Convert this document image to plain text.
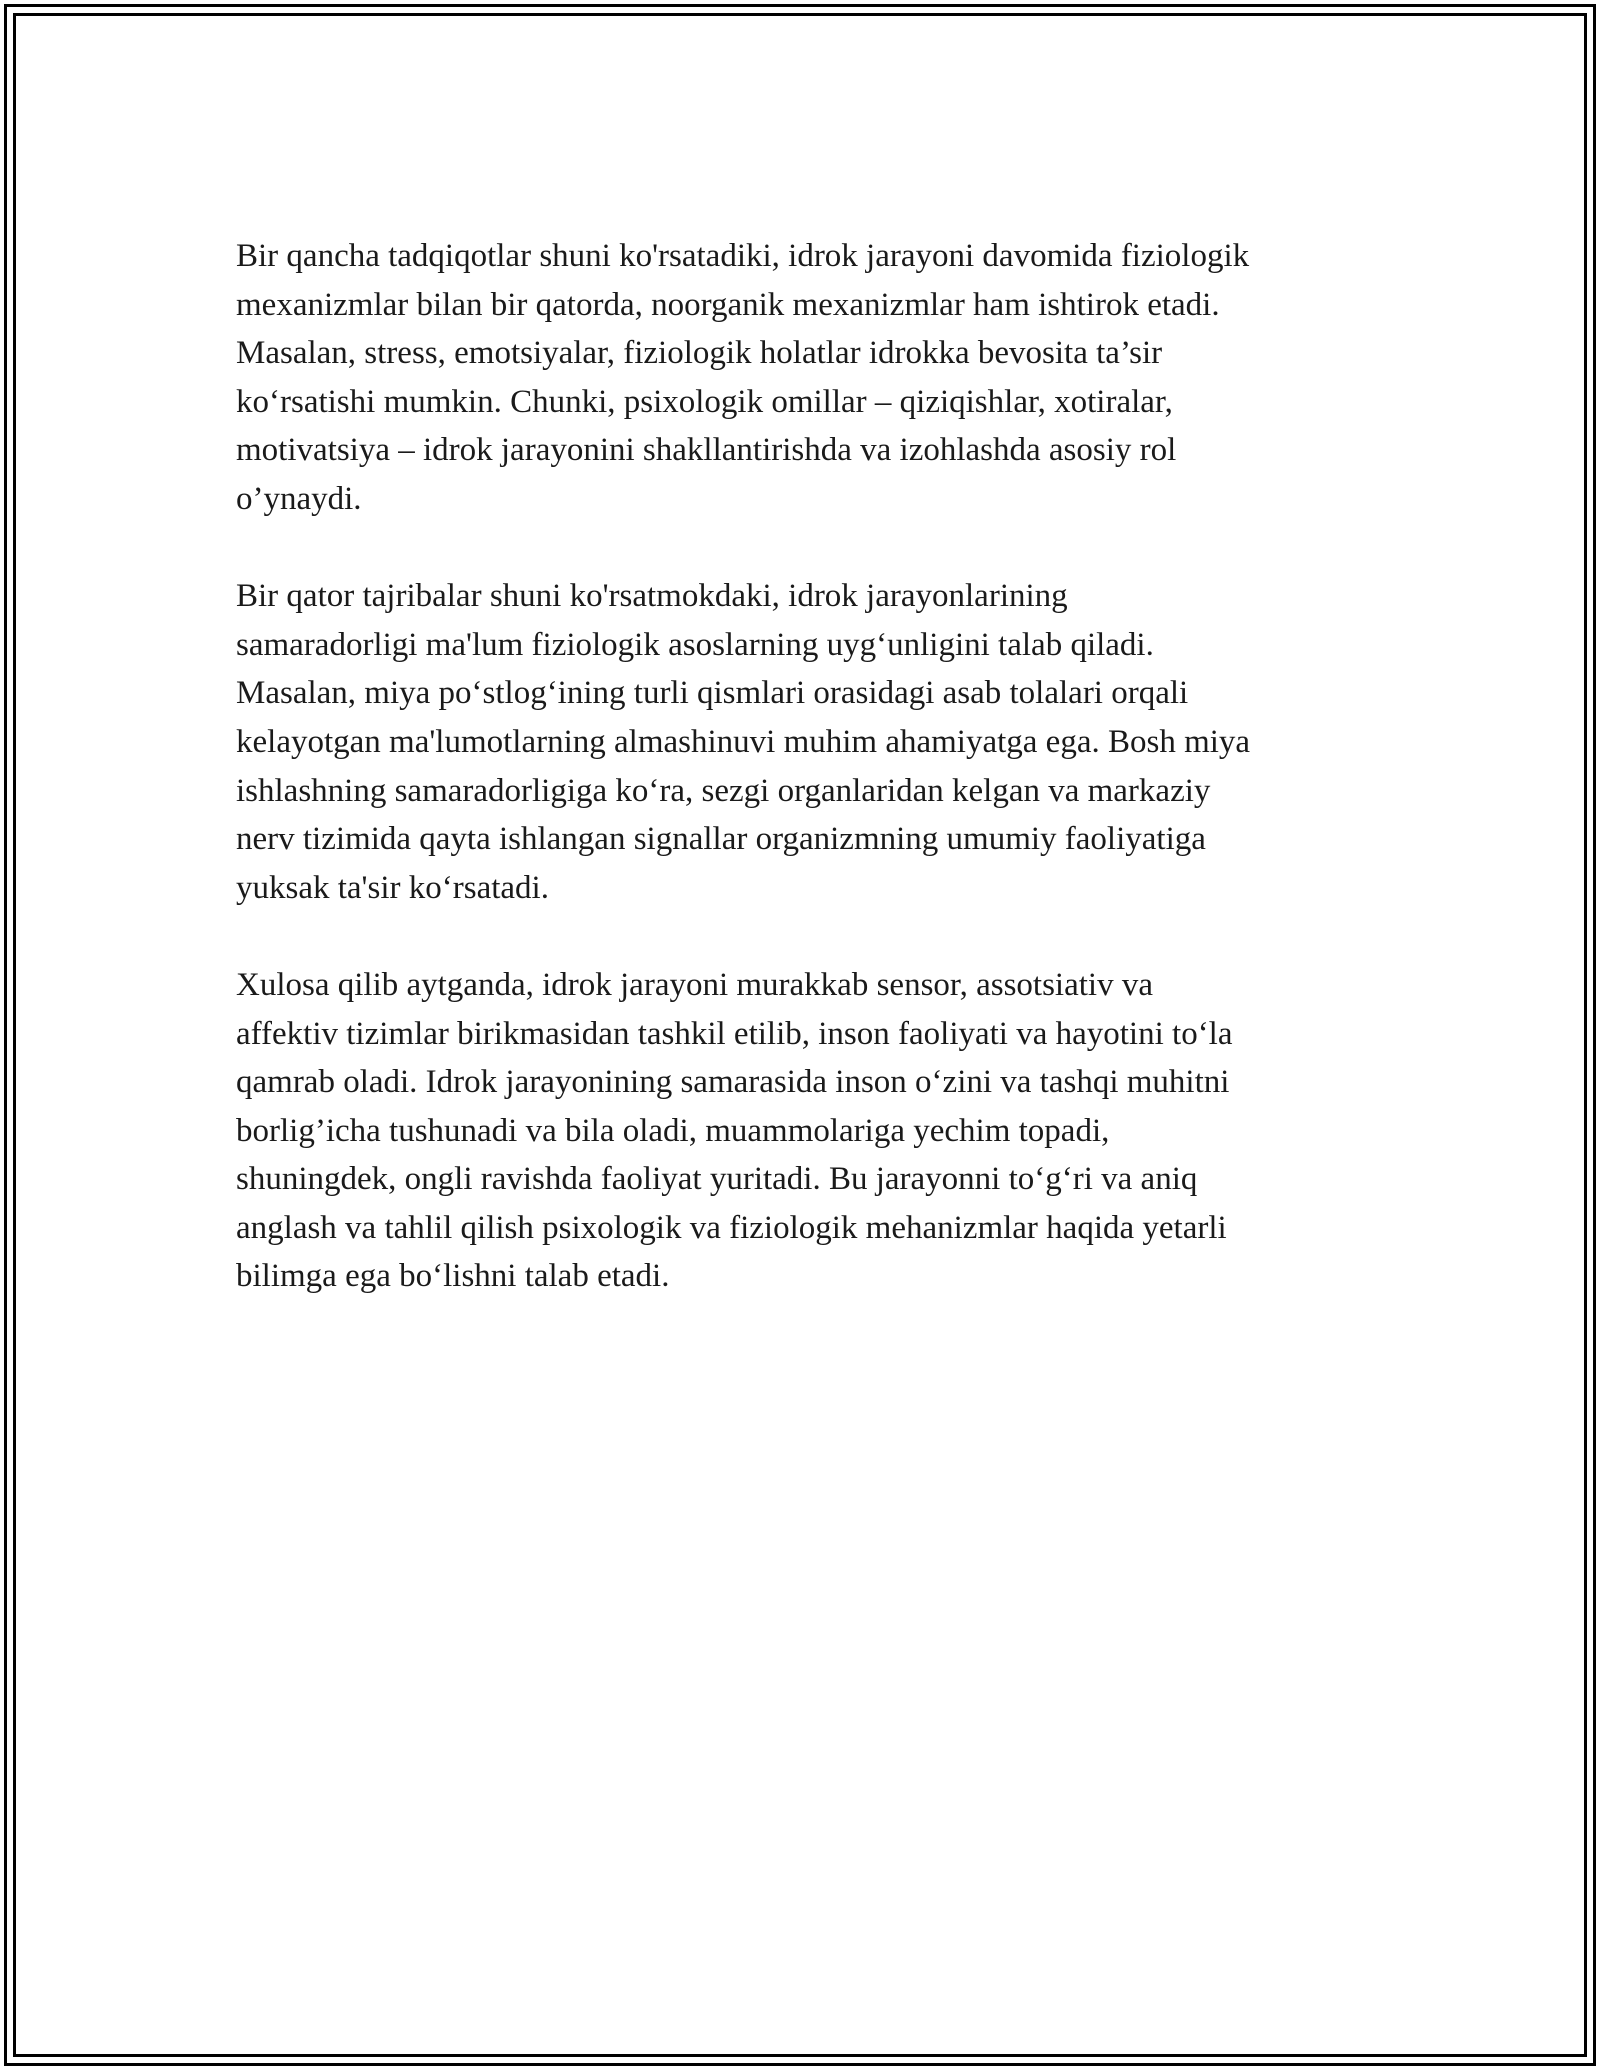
Bir qancha tadqiqotlar shuni ko'rsatadiki, idrok jarayoni davomida fiziologik
mexanizmlar bilan bir qatorda, noorganik mexanizmlar ham ishtirok etadi.
Masalan, stress, emotsiyalar, fiziologik holatlar idrokka bevosita ta’sir
ko‘rsatishi mumkin. Chunki, psixologik omillar – qiziqishlar, xotiralar,
motivatsiya – idrok jarayonini shakllantirishda va izohlashda asosiy rol
o’ynaydi.

Bir qator tajribalar shuni ko'rsatmokdaki, idrok jarayonlarining
samaradorligi ma'lum fiziologik asoslarning uyg‘unligini talab qiladi.
Masalan, miya po‘stlog‘ining turli qismlari orasidagi asab tolalari orqali
kelayotgan ma'lumotlarning almashinuvi muhim ahamiyatga ega. Bosh miya
ishlashning samaradorligiga ko‘ra, sezgi organlaridan kelgan va markaziy
nerv tizimida qayta ishlangan signallar organizmning umumiy faoliyatiga
yuksak ta'sir ko‘rsatadi.

Xulosa qilib aytganda, idrok jarayoni murakkab sensor, assotsiativ va
affektiv tizimlar birikmasidan tashkil etilib, inson faoliyati va hayotini to‘la
qamrab oladi. Idrok jarayonining samarasida inson o‘zini va tashqi muhitni
borlig’icha tushunadi va bila oladi, muammolariga yechim topadi,
shuningdek, ongli ravishda faoliyat yuritadi. Bu jarayonni to‘g‘ri va aniq
anglash va tahlil qilish psixologik va fiziologik mehanizmlar haqida yetarli
bilimga ega bo‘lishni talab etadi.
